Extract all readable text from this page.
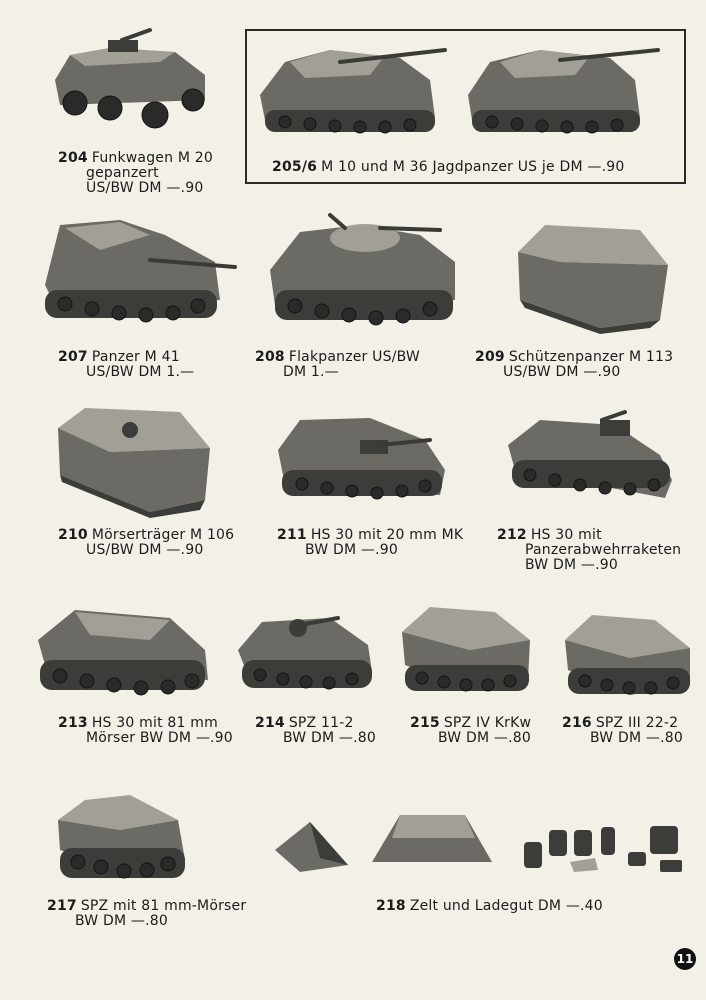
204 Funkwagen M 20
gepanzert
US/BW DM —.90
205/6 M 10 und M 36 Jagdpanzer US je DM —.90
207 Panzer M 41
US/BW DM 1.—
208 Flakpanzer US/BW
DM 1.—
209 Schützenpanzer M 113
US/BW DM —.90
210 Mörserträger M 106
US/BW DM —.90
211 HS 30 mit 20 mm MK
BW DM —.90
212 HS 30 mit
Panzerabwehrraketen
BW DM —.90
213 HS 30 mit 81 mm
Mörser BW DM —.90
214 SPZ 11-2
BW DM —.80
215 SPZ IV KrKw
BW DM —.80
216 SPZ III 22-2
BW DM —.80
217 SPZ mit 81 mm-Mörser
BW DM —.80
218 Zelt und Ladegut DM —.40
11
